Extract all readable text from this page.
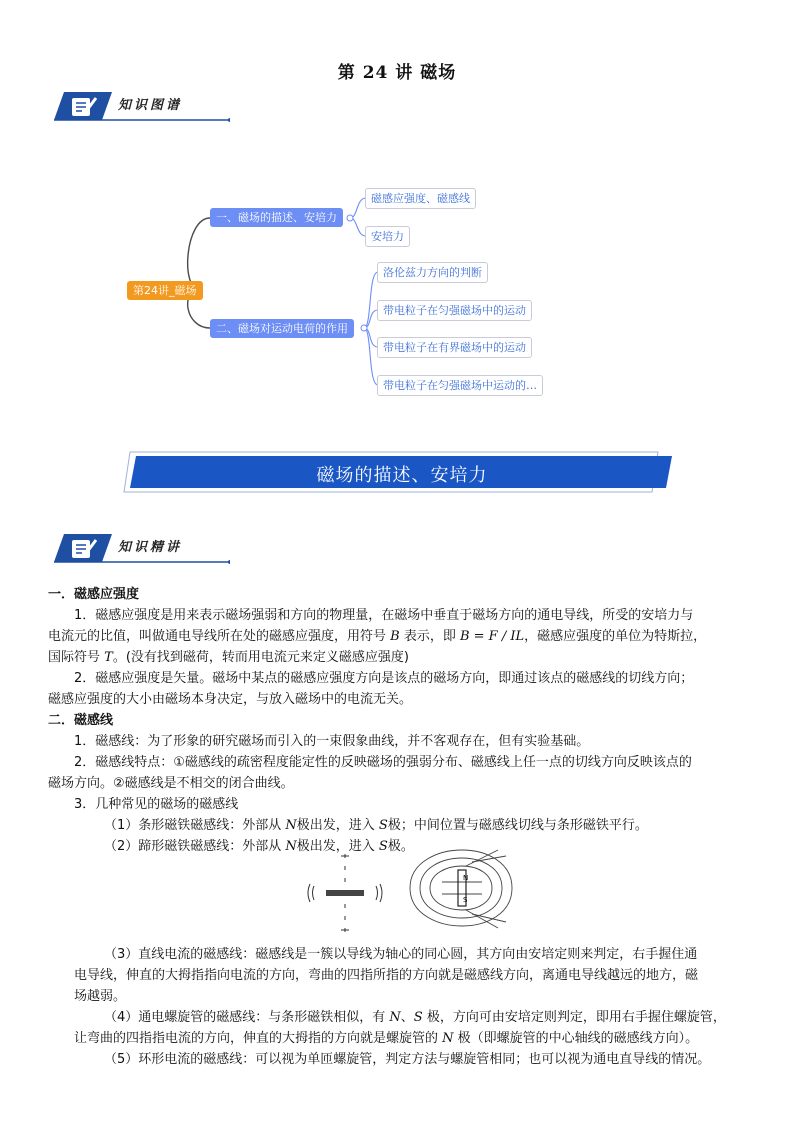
第 24 讲 磁场
知识图谱
第24讲_磁场
一、磁场的描述、安培力
二、磁场对运动电荷的作用
磁感应强度、磁感线
安培力
洛伦兹力方向的判断
带电粒子在匀强磁场中的运动
带电粒子在有界磁场中的运动
带电粒子在匀强磁场中运动的…
磁场的描述、安培力
知识精讲
一．磁感应强度
1．磁感应强度是用来表示磁场强弱和方向的物理量，在磁场中垂直于磁场方向的通电导线，所受的安培力与
电流元的比值，叫做通电导线所在处的磁感应强度，用符号 B 表示，即 B = F / IL，磁感应强度的单位为特斯拉，
国际符号 T。(没有找到磁荷，转而用电流元来定义磁感应强度)
2．磁感应强度是矢量。磁场中某点的磁感应强度方向是该点的磁场方向，即通过该点的磁感线的切线方向；
磁感应强度的大小由磁场本身决定，与放入磁场中的电流无关。
二．磁感线
1．磁感线：为了形象的研究磁场而引入的一束假象曲线，并不客观存在，但有实验基础。
2．磁感线特点：①磁感线的疏密程度能定性的反映磁场的强弱分布、磁感线上任一点的切线方向反映该点的
磁场方向。②磁感线是不相交的闭合曲线。
3．几种常见的磁场的磁感线
（1）条形磁铁磁感线：外部从 N极出发，进入 S极；中间位置与磁感线切线与条形磁铁平行。
（2）蹄形磁铁磁感线：外部从 N极出发，进入 S极。
N
S
（3）直线电流的磁感线：磁感线是一簇以导线为轴心的同心圆，其方向由安培定则来判定，右手握住通
电导线，伸直的大拇指指向电流的方向，弯曲的四指所指的方向就是磁感线方向，离通电导线越远的地方，磁
场越弱。
（4）通电螺旋管的磁感线：与条形磁铁相似，有 N、S 极，方向可由安培定则判定，即用右手握住螺旋管，
让弯曲的四指指电流的方向，伸直的大拇指的方向就是螺旋管的 N 极（即螺旋管的中心轴线的磁感线方向）。
（5）环形电流的磁感线：可以视为单匝螺旋管，判定方法与螺旋管相同；也可以视为通电直导线的情况。
